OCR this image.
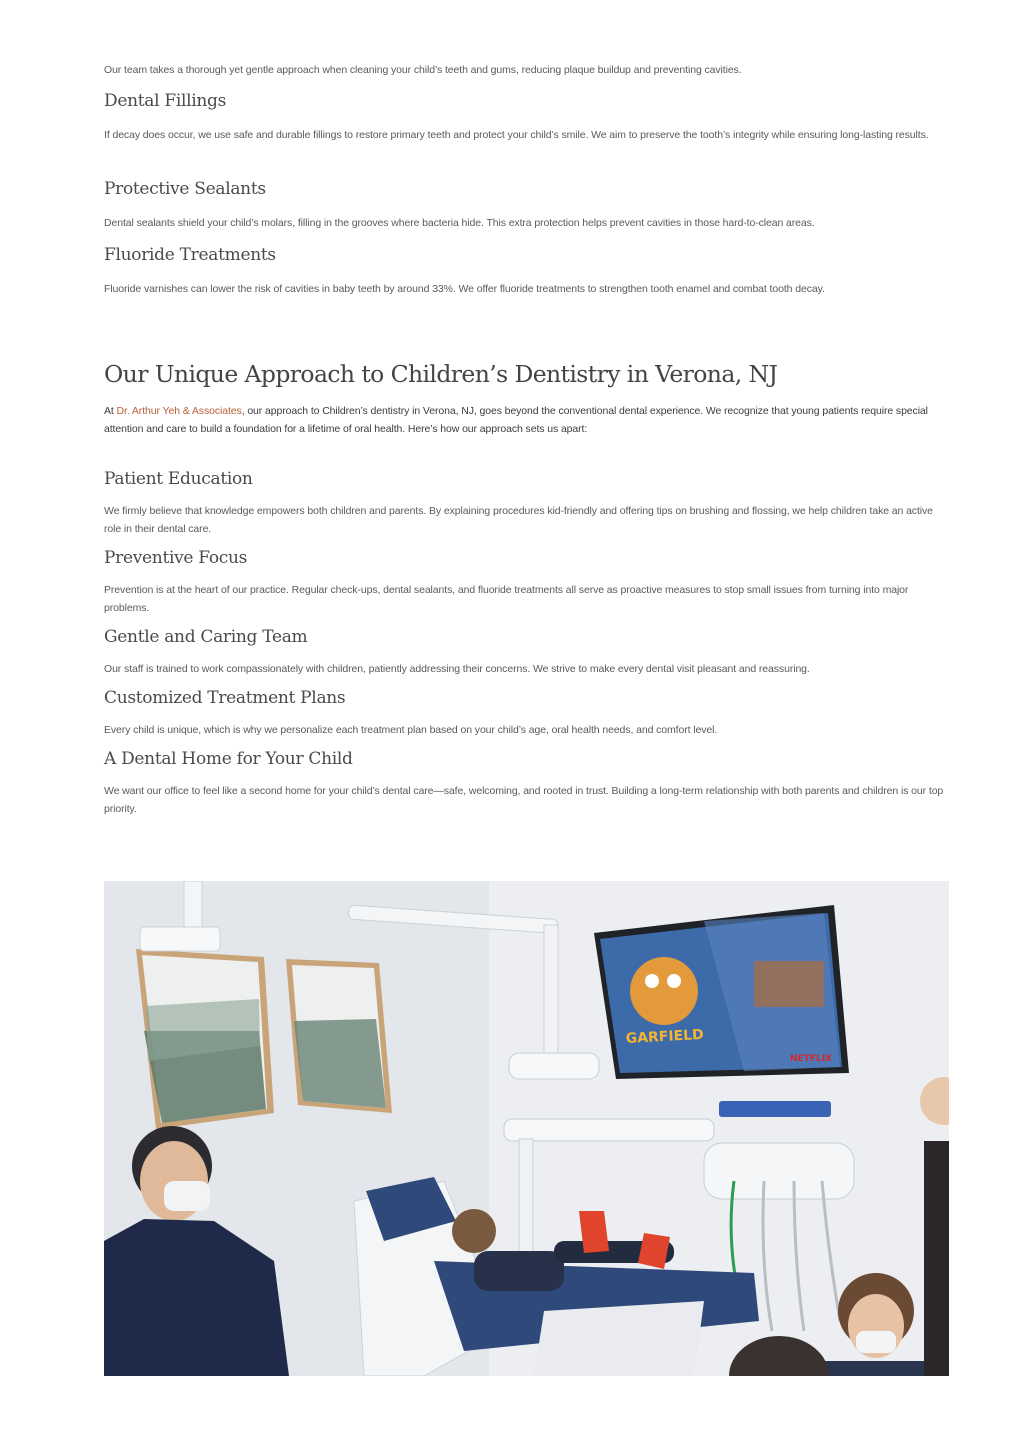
Our team takes a thorough yet gentle approach when cleaning your child’s teeth and gums, reducing plaque buildup and preventing cavities.

Dental Fillings

If decay does occur, we use safe and durable fillings to restore primary teeth and protect your child’s smile. We aim to preserve the tooth’s integrity while ensuring long-lasting results.

Protective Sealants

Dental sealants shield your child’s molars, filling in the grooves where bacteria hide. This extra protection helps prevent cavities in those hard-to-clean areas.

Fluoride Treatments

Fluoride varnishes can lower the risk of cavities in baby teeth by around 33%. We offer fluoride treatments to strengthen tooth enamel and combat tooth decay.

Our Unique Approach to Children’s Dentistry in Verona, NJ

At Dr. Arthur Yeh & Associates, our approach to Children’s dentistry in Verona, NJ, goes beyond the conventional dental experience. We recognize that young patients require special attention and care to build a foundation for a lifetime of oral health. Here’s how our approach sets us apart:

Patient Education

We firmly believe that knowledge empowers both children and parents. By explaining procedures kid-friendly and offering tips on brushing and flossing, we help children take an active role in their dental care.

Preventive Focus

Prevention is at the heart of our practice. Regular check-ups, dental sealants, and fluoride treatments all serve as proactive measures to stop small issues from turning into major problems.

Gentle and Caring Team

Our staff is trained to work compassionately with children, patiently addressing their concerns. We strive to make every dental visit pleasant and reassuring.

Customized Treatment Plans

Every child is unique, which is why we personalize each treatment plan based on your child’s age, oral health needs, and comfort level.

A Dental Home for Your Child

We want our office to feel like a second home for your child’s dental care—safe, welcoming, and rooted in trust. Building a long-term relationship with both parents and children is our top priority.

GARFIELD
NETFLIX
